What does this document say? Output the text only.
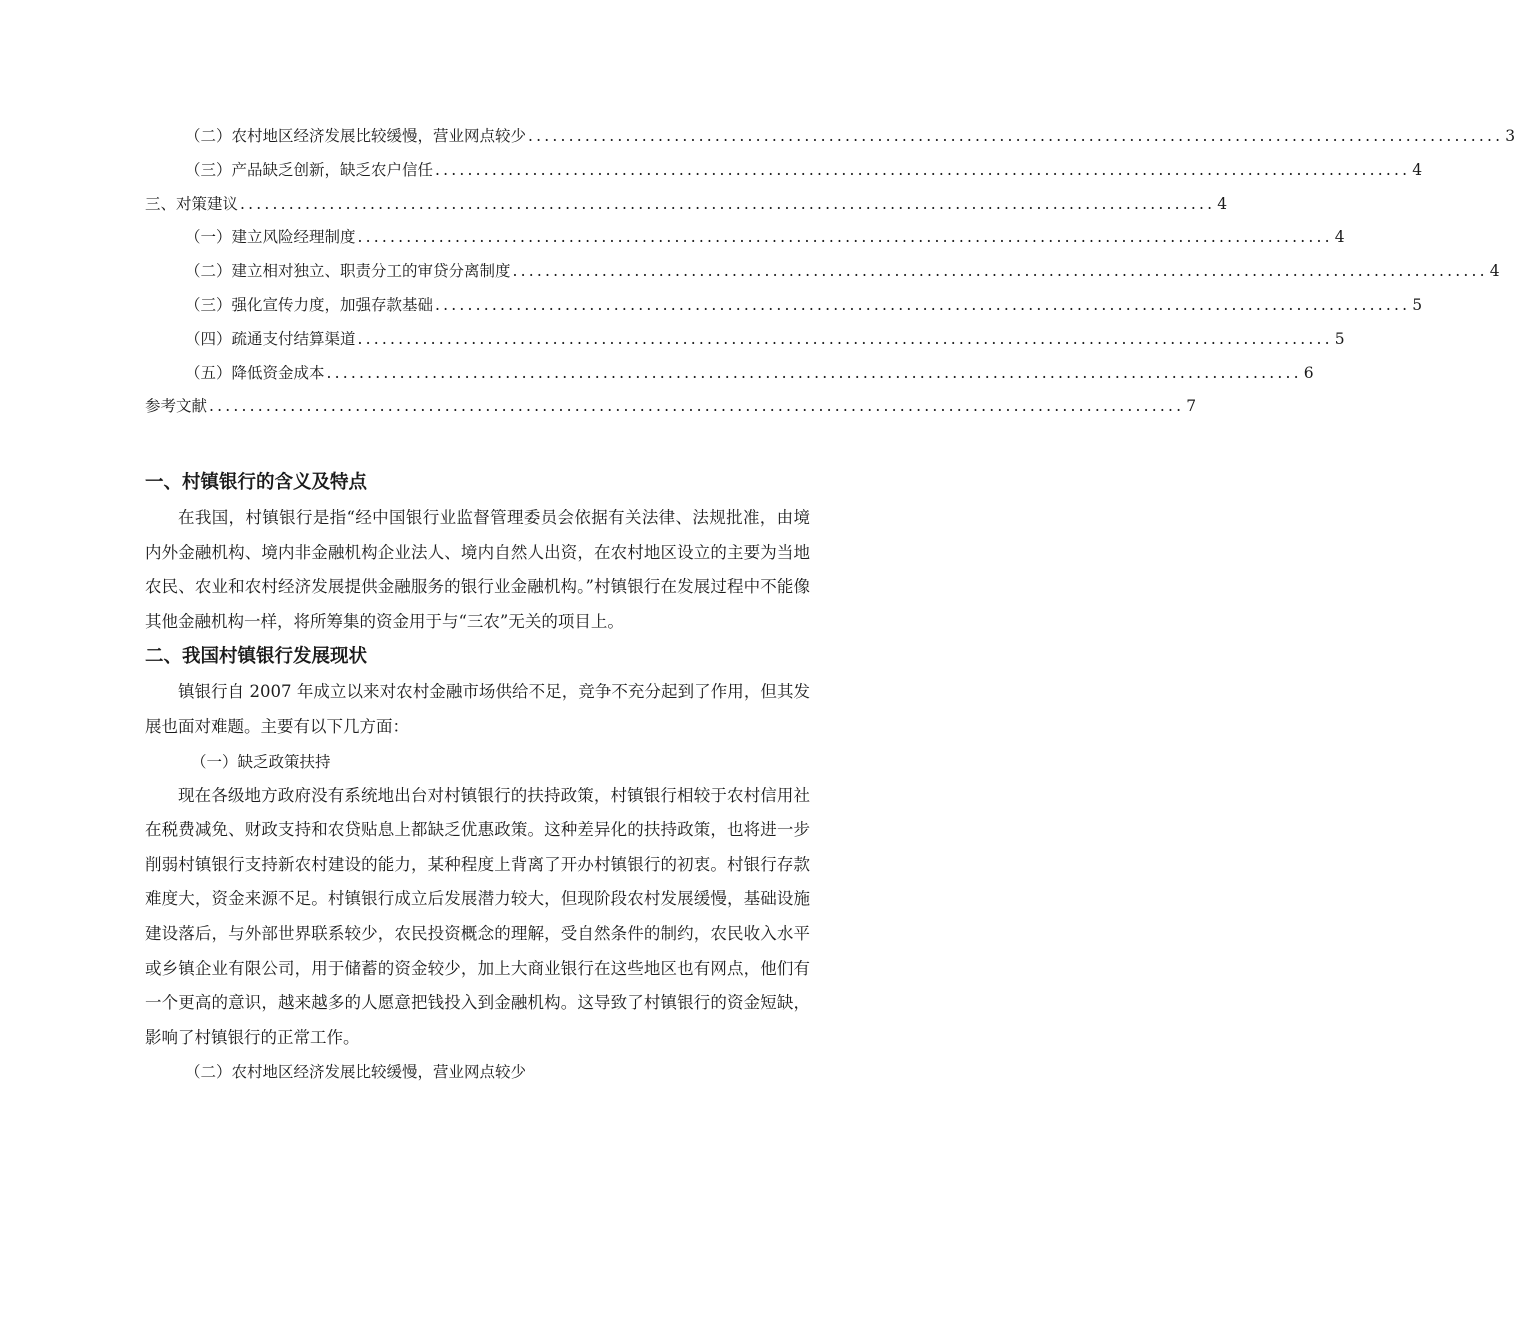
（二）农村地区经济发展比较缓慢，营业网点较少 ........................................................................................................................ 3
（三）产品缺乏创新，缺乏农户信任 ........................................................................................................................ 4
三、对策建议 ........................................................................................................................ 4
（一）建立风险经理制度 ........................................................................................................................ 4
（二）建立相对独立、职责分工的审贷分离制度 ........................................................................................................................ 4
（三）强化宣传力度，加强存款基础 ........................................................................................................................ 5
（四）疏通支付结算渠道 ........................................................................................................................ 5
（五）降低资金成本 ........................................................................................................................ 6
参考文献 ........................................................................................................................ 7
一、村镇银行的含义及特点

在我国，村镇银行是指“经中国银行业监督管理委员会依据有关法律、法规批准，由境内外金融机构、境内非金融机构企业法人、境内自然人出资，在农村地区设立的主要为当地农民、农业和农村经济发展提供金融服务的银行业金融机构。”村镇银行在发展过程中不能像其他金融机构一样，将所筹集的资金用于与“三农”无关的项目上。

二、我国村镇银行发展现状

镇银行自 2007 年成立以来对农村金融市场供给不足，竞争不充分起到了作用，但其发展也面对难题。主要有以下几方面：

（一）缺乏政策扶持

现在各级地方政府没有系统地出台对村镇银行的扶持政策，村镇银行相较于农村信用社在税费减免、财政支持和农贷贴息上都缺乏优惠政策。这种差异化的扶持政策，也将进一步削弱村镇银行支持新农村建设的能力，某种程度上背离了开办村镇银行的初衷。村银行存款难度大，资金来源不足。村镇银行成立后发展潜力较大，但现阶段农村发展缓慢，基础设施建设落后，与外部世界联系较少，农民投资概念的理解，受自然条件的制约，农民收入水平或乡镇企业有限公司，用于储蓄的资金较少，加上大商业银行在这些地区也有网点，他们有一个更高的意识，越来越多的人愿意把钱投入到金融机构。这导致了村镇银行的资金短缺，影响了村镇银行的正常工作。

（二）农村地区经济发展比较缓慢，营业网点较少
